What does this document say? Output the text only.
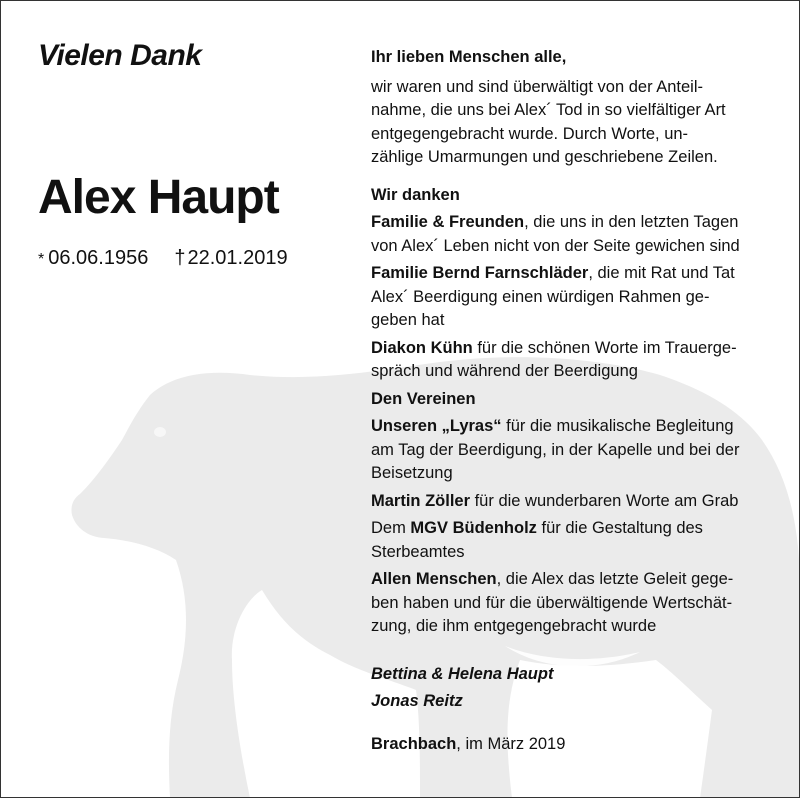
Vielen Dank
Alex Haupt
* 06.06.1956 † 22.01.2019

Ihr lieben Menschen alle,

wir waren und sind überwältigt von der Anteil-
nahme, die uns bei Alex´ Tod in so vielfältiger Art
entgegengebracht wurde. Durch Worte, un-
zählige Umarmungen und geschriebene Zeilen.

Wir danken

Familie & Freunden, die uns in den letzten Tagen
von Alex´ Leben nicht von der Seite gewichen sind

Familie Bernd Farnschläder, die mit Rat und Tat
Alex´ Beerdigung einen würdigen Rahmen ge-
geben hat

Diakon Kühn für die schönen Worte im Trauerge-
spräch und während der Beerdigung

Den Vereinen

Unseren „Lyras“ für die musikalische Begleitung
am Tag der Beerdigung, in der Kapelle und bei der
Beisetzung

Martin Zöller für die wunderbaren Worte am Grab

Dem MGV Büdenholz für die Gestaltung des
Sterbeamtes

Allen Menschen, die Alex das letzte Geleit gege-
ben haben und für die überwältigende Wertschät-
zung, die ihm entgegengebracht wurde

Bettina & Helena Haupt
Jonas Reitz

Brachbach, im März 2019
